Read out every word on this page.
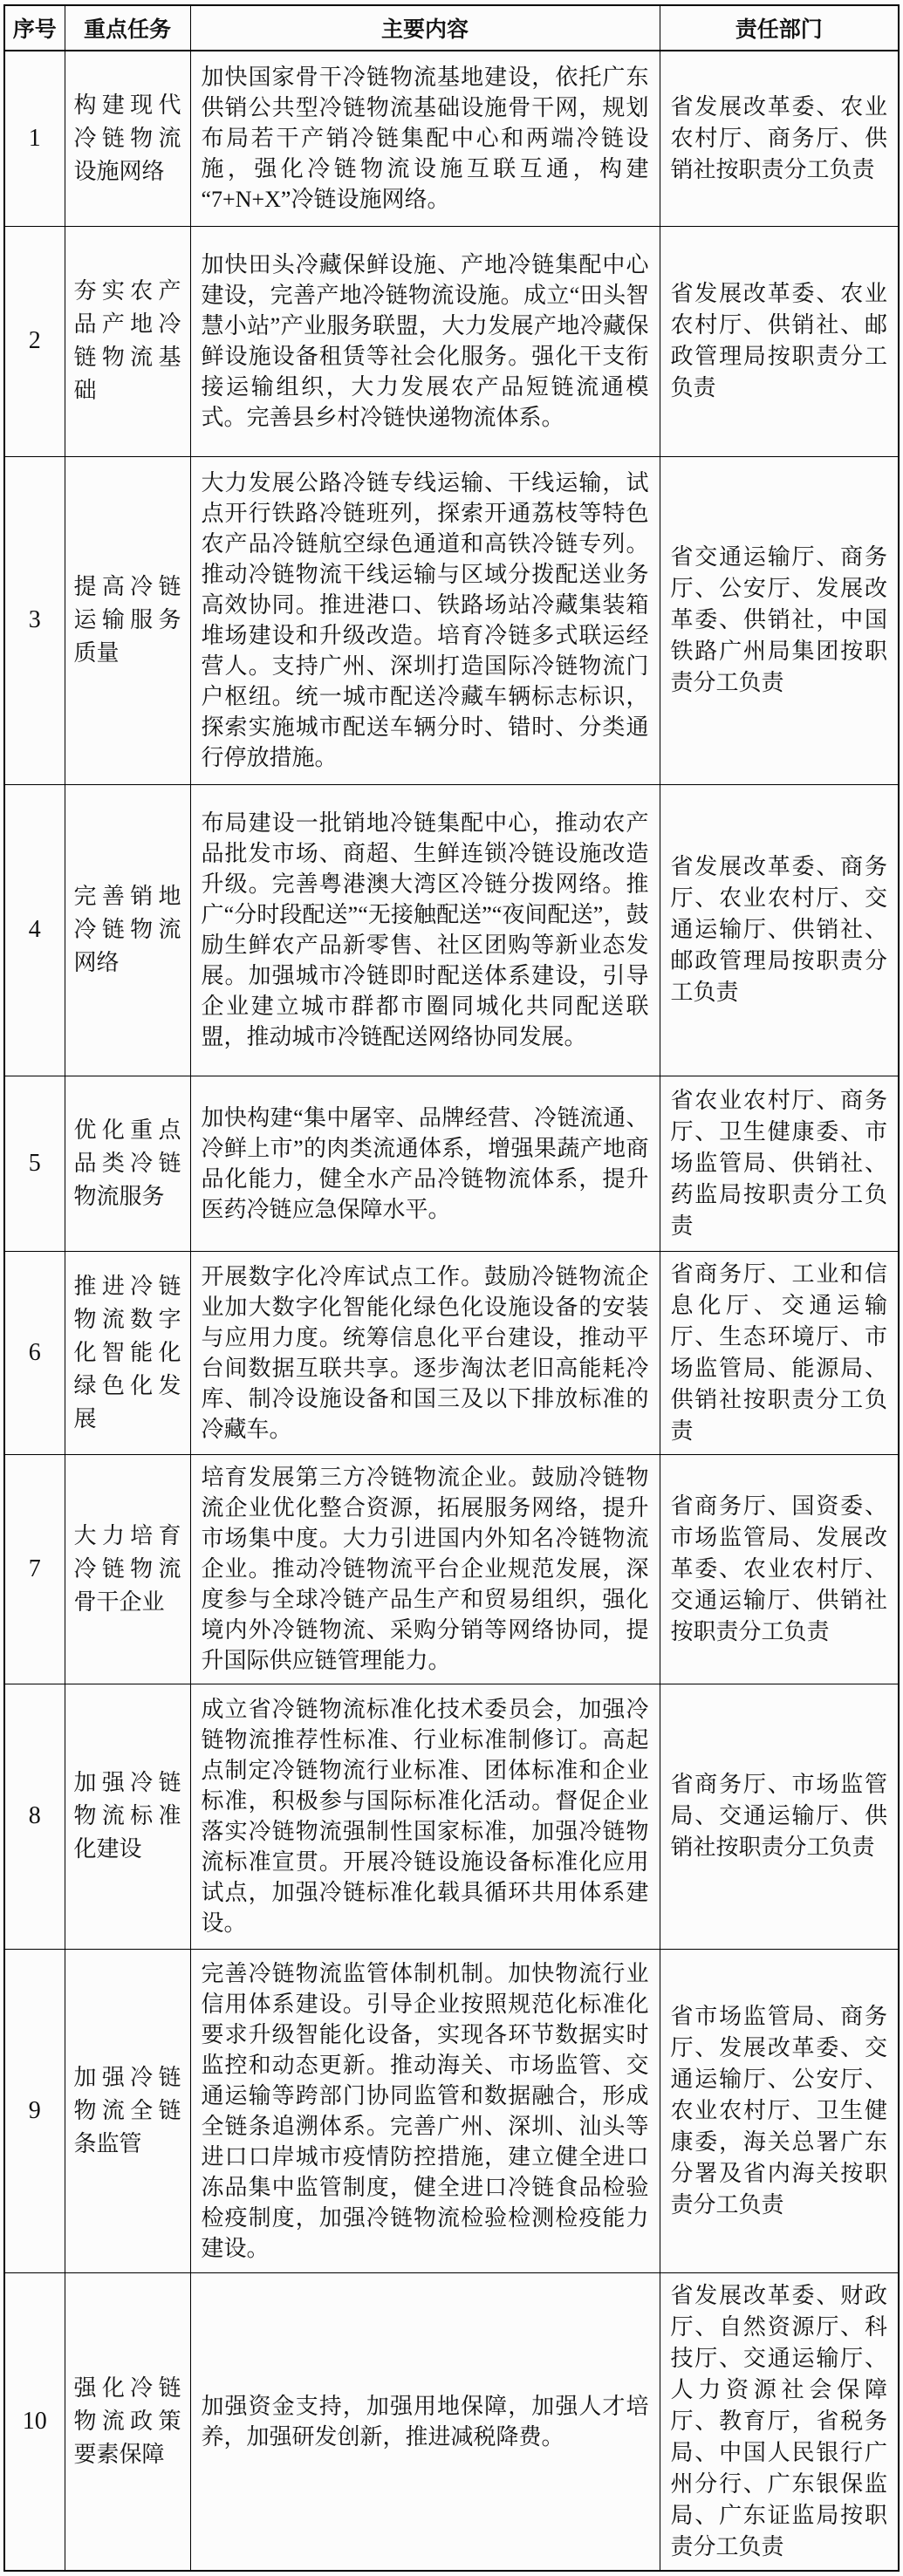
序号	重点任务	主要内容	责任部门
1	构建现代冷链物流设施网络	加快国家骨干冷链物流基地建设，依托广东供销公共型冷链物流基础设施骨干网，规划布局若干产销冷链集配中心和两端冷链设施，强化冷链物流设施互联互通，构建“7+N+X”冷链设施网络。	省发展改革委、农业农村厅、商务厅、供销社按职责分工负责
2	夯实农产品产地冷链物流基础	加快田头冷藏保鲜设施、产地冷链集配中心建设，完善产地冷链物流设施。成立“田头智慧小站”产业服务联盟，大力发展产地冷藏保鲜设施设备租赁等社会化服务。强化干支衔接运输组织，大力发展农产品短链流通模式。完善县乡村冷链快递物流体系。	省发展改革委、农业农村厅、供销社、邮政管理局按职责分工负责
3	提高冷链运输服务质量	大力发展公路冷链专线运输、干线运输，试点开行铁路冷链班列，探索开通荔枝等特色农产品冷链航空绿色通道和高铁冷链专列。推动冷链物流干线运输与区域分拨配送业务高效协同。推进港口、铁路场站冷藏集装箱堆场建设和升级改造。培育冷链多式联运经营人。支持广州、深圳打造国际冷链物流门户枢纽。统一城市配送冷藏车辆标志标识，探索实施城市配送车辆分时、错时、分类通行停放措施。	省交通运输厅、商务厅、公安厅、发展改革委、供销社，中国铁路广州局集团按职责分工负责
4	完善销地冷链物流网络	布局建设一批销地冷链集配中心，推动农产品批发市场、商超、生鲜连锁冷链设施改造升级。完善粤港澳大湾区冷链分拨网络。推广“分时段配送”“无接触配送”“夜间配送”，鼓励生鲜农产品新零售、社区团购等新业态发展。加强城市冷链即时配送体系建设，引导企业建立城市群都市圈同城化共同配送联盟，推动城市冷链配送网络协同发展。	省发展改革委、商务厅、农业农村厅、交通运输厅、供销社、邮政管理局按职责分工负责
5	优化重点品类冷链物流服务	加快构建“集中屠宰、品牌经营、冷链流通、冷鲜上市”的肉类流通体系，增强果蔬产地商品化能力，健全水产品冷链物流体系，提升医药冷链应急保障水平。	省农业农村厅、商务厅、卫生健康委、市场监管局、供销社、药监局按职责分工负责
6	推进冷链物流数字化智能化绿色化发展	开展数字化冷库试点工作。鼓励冷链物流企业加大数字化智能化绿色化设施设备的安装与应用力度。统筹信息化平台建设，推动平台间数据互联共享。逐步淘汰老旧高能耗冷库、制冷设施设备和国三及以下排放标准的冷藏车。	省商务厅、工业和信息化厅、交通运输厅、生态环境厅、市场监管局、能源局、供销社按职责分工负责
7	大力培育冷链物流骨干企业	培育发展第三方冷链物流企业。鼓励冷链物流企业优化整合资源，拓展服务网络，提升市场集中度。大力引进国内外知名冷链物流企业。推动冷链物流平台企业规范发展，深度参与全球冷链产品生产和贸易组织，强化境内外冷链物流、采购分销等网络协同，提升国际供应链管理能力。	省商务厅、国资委、市场监管局、发展改革委、农业农村厅、交通运输厅、供销社按职责分工负责
8	加强冷链物流标准化建设	成立省冷链物流标准化技术委员会，加强冷链物流推荐性标准、行业标准制修订。高起点制定冷链物流行业标准、团体标准和企业标准，积极参与国际标准化活动。督促企业落实冷链物流强制性国家标准，加强冷链物流标准宣贯。开展冷链设施设备标准化应用试点，加强冷链标准化载具循环共用体系建设。	省商务厅、市场监管局、交通运输厅、供销社按职责分工负责
9	加强冷链物流全链条监管	完善冷链物流监管体制机制。加快物流行业信用体系建设。引导企业按照规范化标准化要求升级智能化设备，实现各环节数据实时监控和动态更新。推动海关、市场监管、交通运输等跨部门协同监管和数据融合，形成全链条追溯体系。完善广州、深圳、汕头等进口口岸城市疫情防控措施，建立健全进口冻品集中监管制度，健全进口冷链食品检验检疫制度，加强冷链物流检验检测检疫能力建设。	省市场监管局、商务厅、发展改革委、交通运输厅、公安厅、农业农村厅、卫生健康委，海关总署广东分署及省内海关按职责分工负责
10	强化冷链物流政策要素保障	加强资金支持，加强用地保障，加强人才培养，加强研发创新，推进减税降费。	省发展改革委、财政厅、自然资源厅、科技厅、交通运输厅、人力资源社会保障厅、教育厅，省税务局、中国人民银行广州分行、广东银保监局、广东证监局按职责分工负责
